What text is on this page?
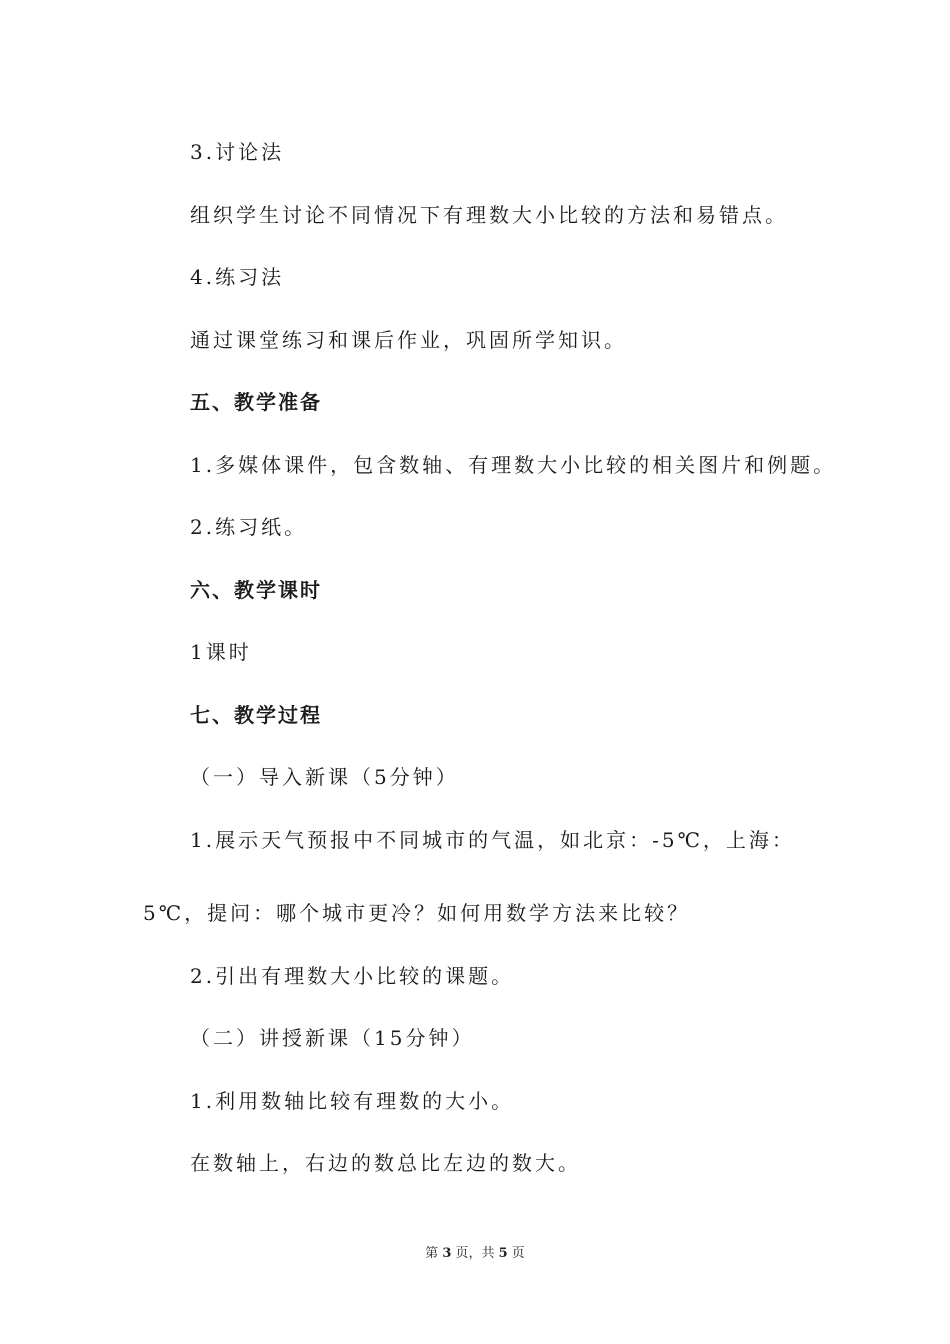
3.讨论法
组织学生讨论不同情况下有理数大小比较的方法和易错点。
4.练习法
通过课堂练习和课后作业，巩固所学知识。
五、教学准备
1.多媒体课件，包含数轴、有理数大小比较的相关图片和例题。
2.练习纸。
六、教学课时
1课时
七、教学过程
（一）导入新课（5分钟）
1.展示天气预报中不同城市的气温，如北京：-5℃，上海：
5℃，提问：哪个城市更冷？如何用数学方法来比较？
2.引出有理数大小比较的课题。
（二）讲授新课（15分钟）
1.利用数轴比较有理数的大小。
在数轴上，右边的数总比左边的数大。
第 3 页，共 5 页
